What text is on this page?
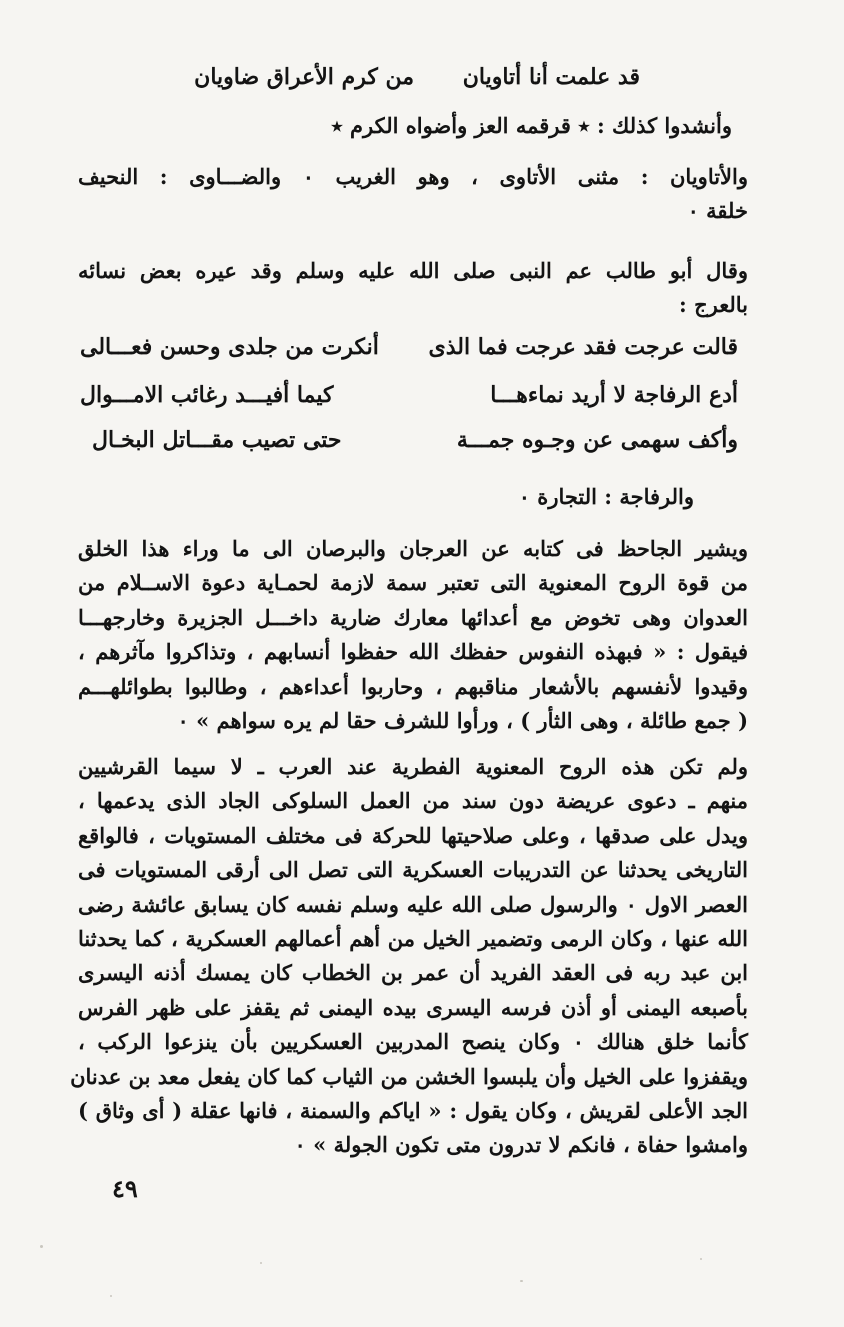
قد علمت أنا أتاويان
من كرم الأعراق ضاويان
وأنشدوا كذلك : ٭ قرقمه العز وأضواه الكرم ٭
والأتاويان : مثنى الأتاوى ، وهو الغريب ٠ والضـــاوى : النحيف
خلقة ٠
وقال أبو طالب عم النبى صلى الله عليه وسلم وقد عيره بعض نسائه
بالعرج :
قالت عرجت فقد عرجت فما الذى
أنكرت من جلدى وحسن فعـــالى
أدع الرفاجة لا أريد نماءهـــا
كيما أفيـــد رغائب الامـــوال
وأكف سهمى عن وجـوه جمـــة
حتى تصيب مقـــاتل البخـال
والرفاجة : التجارة ٠
ويشير الجاحظ فى كتابه عن العرجان والبرصان الى ما وراء هذا الخلق
من قوة الروح المعنوية التى تعتبر سمة لازمة لحمـاية دعوة الاســلام من
العدوان وهى تخوض مع أعدائها معارك ضارية داخـــل الجزيرة وخارجهـــا
فيقول : « فبهذه النفوس حفظك الله حفظوا أنسابهم ، وتذاكروا مآثرهم ،
وقيدوا لأنفسهم بالأشعار مناقبهم ، وحاربوا أعداءهم ، وطالبوا بطوائلهـــم
( جمع طائلة ، وهى الثأر ) ، ورأوا للشرف حقا لم يره سواهم » ٠
ولم تكن هذه الروح المعنوية الفطرية عند العرب ـ لا سيما القرشيين
منهم ـ دعوى عريضة دون سند من العمل السلوكى الجاد الذى يدعمها ،
ويدل على صدقها ، وعلى صلاحيتها للحركة فى مختلف المستويات ، فالواقع
التاريخى يحدثنا عن التدريبات العسكرية التى تصل الى أرقى المستويات فى
العصر الاول ٠ والرسول صلى الله عليه وسلم نفسه كان يسابق عائشة رضى
الله عنها ، وكان الرمى وتضمير الخيل من أهم أعمالهم العسكرية ، كما يحدثنا
ابن عبد ربه فى العقد الفريد أن عمر بن الخطاب كان يمسك أذنه اليسرى
بأصبعه اليمنى أو أذن فرسه اليسرى بيده اليمنى ثم يقفز على ظهر الفرس
كأنما خلق هنالك ٠ وكان ينصح المدربين العسكريين بأن ينزعوا الركب ،
ويقفزوا على الخيل وأن يلبسوا الخشن من الثياب كما كان يفعل معد بن عدنان
الجد الأعلى لقريش ، وكان يقول : « اياكم والسمنة ، فانها عقلة ( أى وثاق )
وامشوا حفاة ، فانكم لا تدرون متى تكون الجولة » ٠
٤٩
